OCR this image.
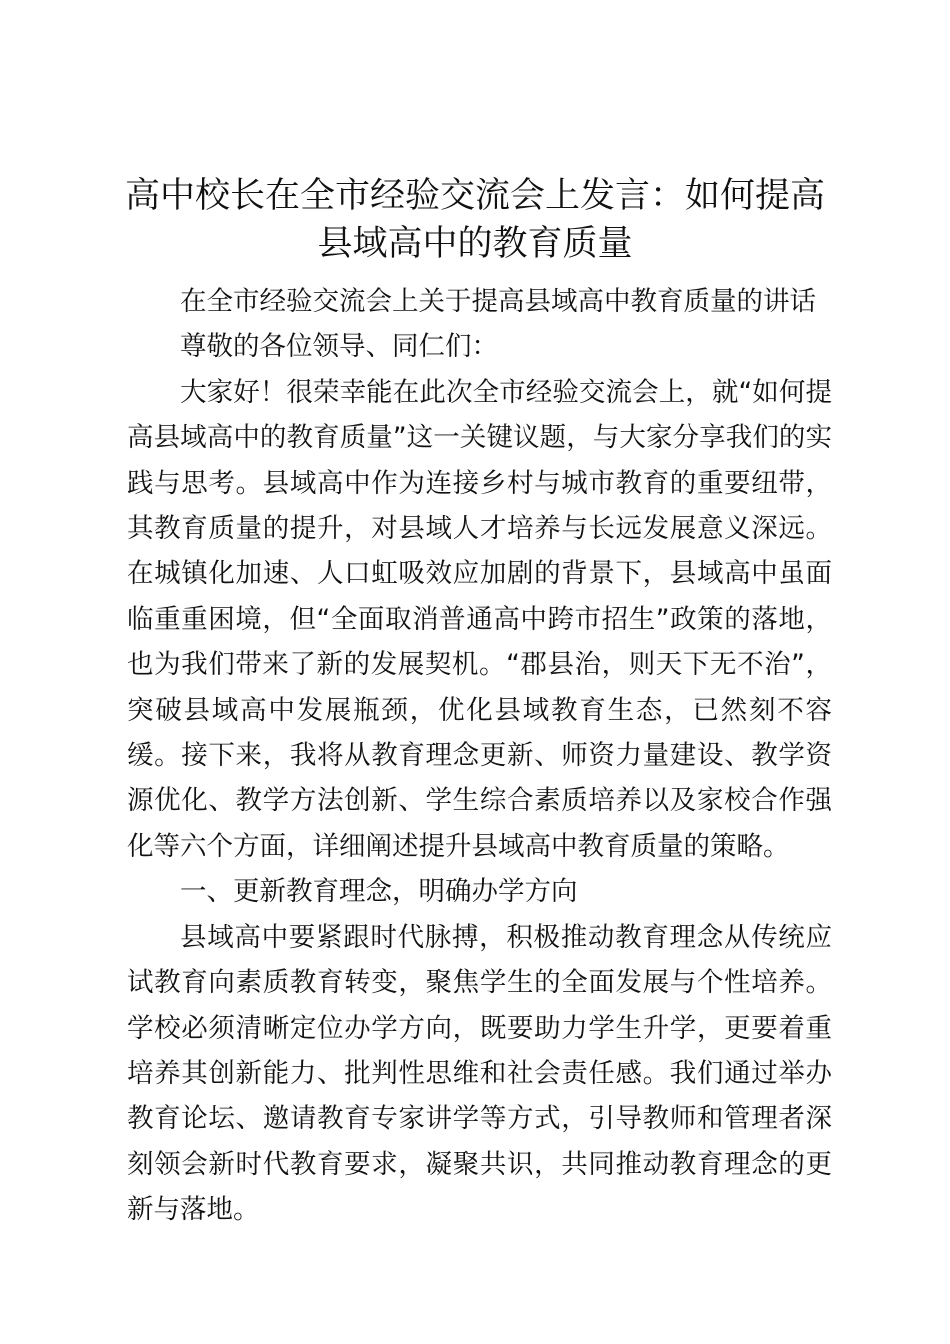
高中校长在全市经验交流会上发言：如何提高县域高中的教育质量

在全市经验交流会上关于提高县域高中教育质量的讲话

尊敬的各位领导、同仁们：

大家好！很荣幸能在此次全市经验交流会上，就“如何提高县域高中的教育质量”这一关键议题，与大家分享我们的实践与思考。县域高中作为连接乡村与城市教育的重要纽带，其教育质量的提升，对县域人才培养与长远发展意义深远。在城镇化加速、人口虹吸效应加剧的背景下，县域高中虽面临重重困境，但“全面取消普通高中跨市招生”政策的落地，也为我们带来了新的发展契机。“郡县治，则天下无不治”，突破县域高中发展瓶颈，优化县域教育生态，已然刻不容缓。接下来，我将从教育理念更新、师资力量建设、教学资源优化、教学方法创新、学生综合素质培养以及家校合作强化等六个方面，详细阐述提升县域高中教育质量的策略。

一、更新教育理念，明确办学方向

县域高中要紧跟时代脉搏，积极推动教育理念从传统应试教育向素质教育转变，聚焦学生的全面发展与个性培养。学校必须清晰定位办学方向，既要助力学生升学，更要着重培养其创新能力、批判性思维和社会责任感。我们通过举办教育论坛、邀请教育专家讲学等方式，引导教师和管理者深刻领会新时代教育要求，凝聚共识，共同推动教育理念的更新与落地。
